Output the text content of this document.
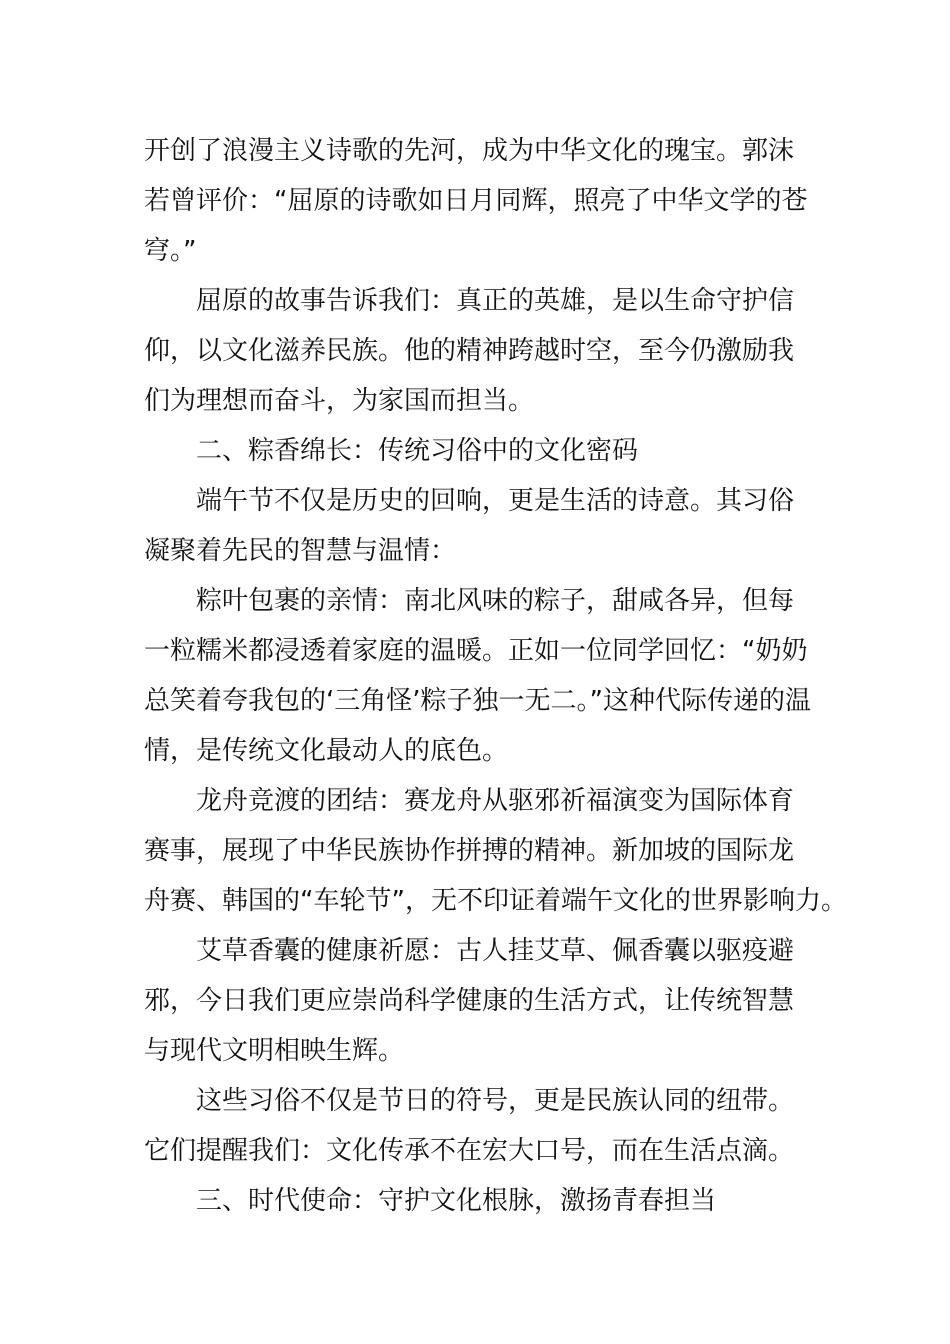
开创了浪漫主义诗歌的先河，成为中华文化的瑰宝。郭沫
若曾评价：“屈原的诗歌如日月同辉，照亮了中华文学的苍
穹。”
屈原的故事告诉我们：真正的英雄，是以生命守护信
仰，以文化滋养民族。他的精神跨越时空，至今仍激励我
们为理想而奋斗，为家国而担当。
二、粽香绵长：传统习俗中的文化密码
端午节不仅是历史的回响，更是生活的诗意。其习俗
凝聚着先民的智慧与温情：
粽叶包裹的亲情：南北风味的粽子，甜咸各异，但每
一粒糯米都浸透着家庭的温暖。正如一位同学回忆：“奶奶
总笑着夸我包的‘三角怪’粽子独一无二。”这种代际传递的温
情，是传统文化最动人的底色。
龙舟竞渡的团结：赛龙舟从驱邪祈福演变为国际体育
赛事，展现了中华民族协作拼搏的精神。新加坡的国际龙
舟赛、韩国的“车轮节”，无不印证着端午文化的世界影响力。
艾草香囊的健康祈愿：古人挂艾草、佩香囊以驱疫避
邪，今日我们更应崇尚科学健康的生活方式，让传统智慧
与现代文明相映生辉。
这些习俗不仅是节日的符号，更是民族认同的纽带。
它们提醒我们：文化传承不在宏大口号，而在生活点滴。
三、时代使命：守护文化根脉，激扬青春担当
